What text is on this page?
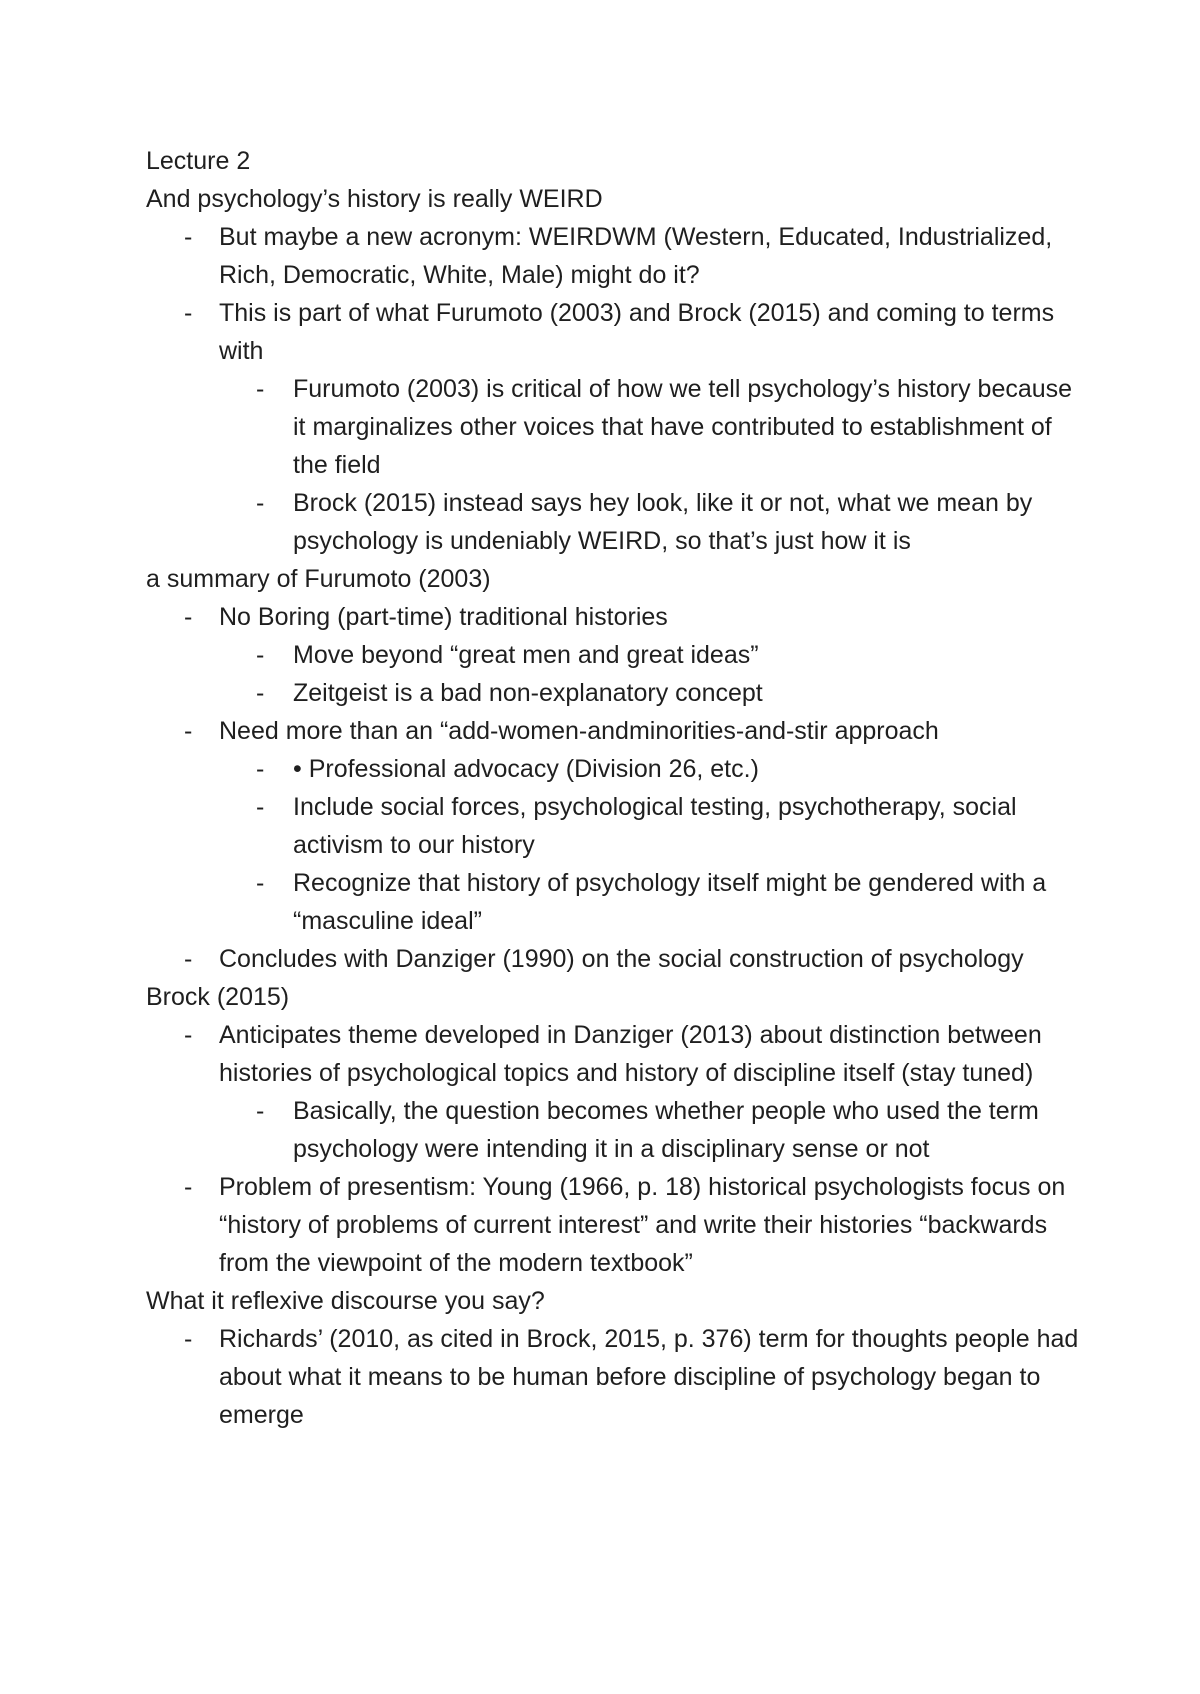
Lecture 2
And psychology’s history is really WEIRD
- But maybe a new acronym: WEIRDWM (Western, Educated, Industrialized, Rich, Democratic, White, Male) might do it?
- This is part of what Furumoto (2003) and Brock (2015) and coming to terms with
- Furumoto (2003) is critical of how we tell psychology’s history because it marginalizes other voices that have contributed to establishment of the field
- Brock (2015) instead says hey look, like it or not, what we mean by psychology is undeniably WEIRD, so that’s just how it is
a summary of Furumoto (2003)
- No Boring (part-time) traditional histories
- Move beyond “great men and great ideas”
- Zeitgeist is a bad non-explanatory concept
- Need more than an “add-women-andminorities-and-stir approach
- • Professional advocacy (Division 26, etc.)
- Include social forces, psychological testing, psychotherapy, social activism to our history
- Recognize that history of psychology itself might be gendered with a “masculine ideal”
- Concludes with Danziger (1990) on the social construction of psychology
Brock (2015)
- Anticipates theme developed in Danziger (2013) about distinction between histories of psychological topics and history of discipline itself (stay tuned)
- Basically, the question becomes whether people who used the term psychology were intending it in a disciplinary sense or not
- Problem of presentism: Young (1966, p. 18) historical psychologists focus on “history of problems of current interest” and write their histories “backwards from the viewpoint of the modern textbook”
What it reflexive discourse you say?
- Richards’ (2010, as cited in Brock, 2015, p. 376) term for thoughts people had about what it means to be human before discipline of psychology began to emerge
